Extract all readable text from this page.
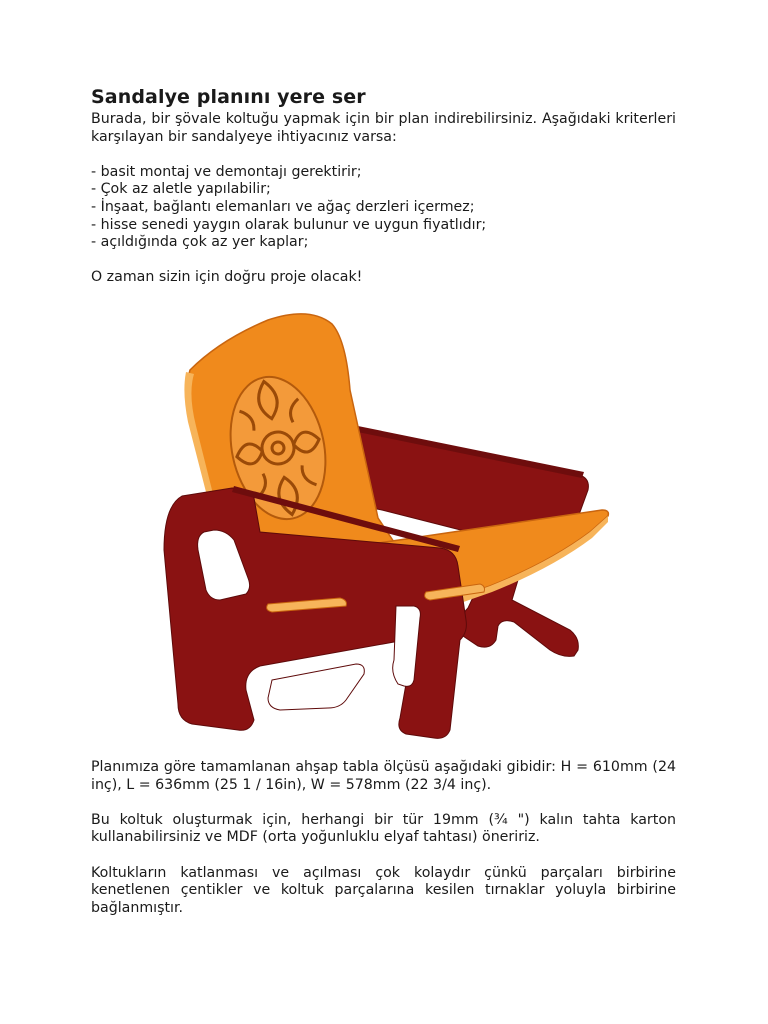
Sandalye planını yere ser

Burada, bir şövale koltuğu yapmak için bir plan indirebilirsiniz. Aşağıdaki kriterleri karşılayan bir sandalyeye ihtiyacınız varsa:

- basit montaj ve demontajı gerektirir;
- Çok az aletle yapılabilir;
- İnşaat, bağlantı elemanları ve ağaç derzleri içermez;
- hisse senedi yaygın olarak bulunur ve uygun fiyatlıdır;
- açıldığında çok az yer kaplar;

O zaman sizin için doğru proje olacak!

Planımıza göre tamamlanan ahşap tabla ölçüsü aşağıdaki gibidir: H = 610mm (24 inç), L = 636mm (25 1 / 16in), W = 578mm (22 3/4 inç).

Bu koltuk oluşturmak için, herhangi bir tür 19mm (¾ ") kalın tahta karton kullanabilirsiniz ve MDF (orta yoğunluklu elyaf tahtası) öneririz.

Koltukların katlanması ve açılması çok kolaydır çünkü parçaları birbirine kenetlenen çentikler ve koltuk parçalarına kesilen tırnaklar yoluyla birbirine bağlanmıştır.
